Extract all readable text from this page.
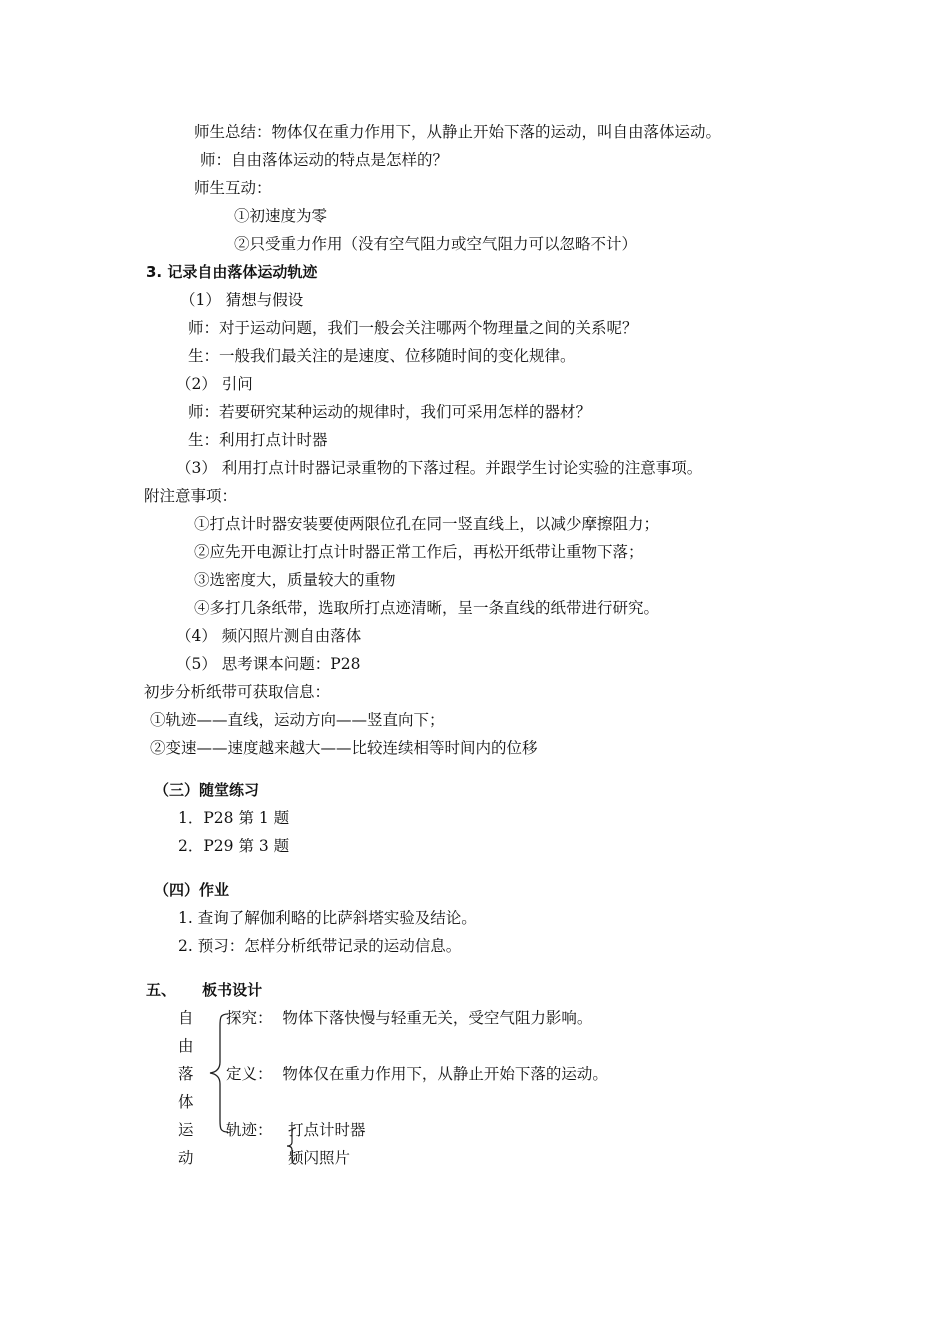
师生总结：物体仅在重力作用下，从静止开始下落的运动，叫自由落体运动。
师：自由落体运动的特点是怎样的？
师生互动：
①初速度为零
②只受重力作用（没有空气阻力或空气阻力可以忽略不计）
3. 记录自由落体运动轨迹
（1） 猜想与假设
师：对于运动问题，我们一般会关注哪两个物理量之间的关系呢？
生：一般我们最关注的是速度、位移随时间的变化规律。
（2） 引问
师：若要研究某种运动的规律时，我们可采用怎样的器材？
生：利用打点计时器
（3） 利用打点计时器记录重物的下落过程。并跟学生讨论实验的注意事项。
附注意事项：
①打点计时器安装要使两限位孔在同一竖直线上，以减少摩擦阻力；
②应先开电源让打点计时器正常工作后，再松开纸带让重物下落；
③选密度大，质量较大的重物
④多打几条纸带，选取所打点迹清晰，呈一条直线的纸带进行研究。
（4） 频闪照片测自由落体
（5） 思考课本问题：P28
初步分析纸带可获取信息：
①轨迹——直线，运动方向——竖直向下；
②变速——速度越来越大——比较连续相等时间内的位移
（三）随堂练习
1．P28 第 1 题
2．P29 第 3 题
（四）作业
1. 查询了解伽利略的比萨斜塔实验及结论。
2. 预习：怎样分析纸带记录的运动信息。
五、     板书设计
自
由
落
体
运
动
探究：  物体下落快慢与轻重无关，受空气阻力影响。
定义：  物体仅在重力作用下，从静止开始下落的运动。
轨迹： 打点计时器
频闪照片
